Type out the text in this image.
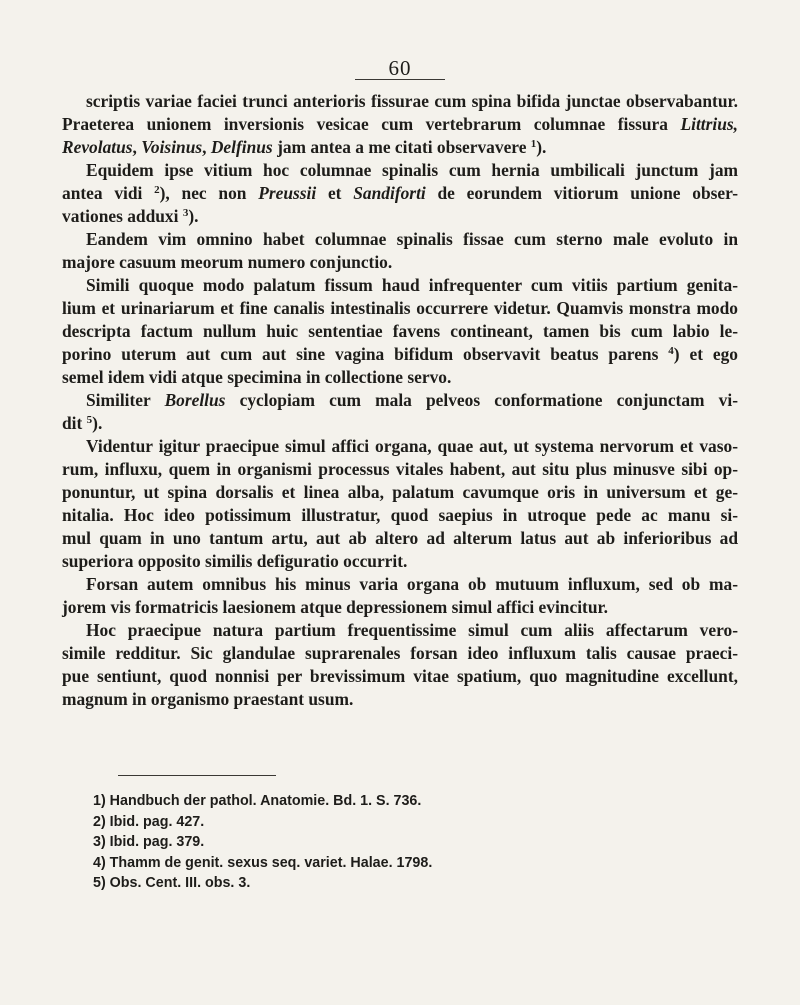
60
scriptis variae faciei trunci anterioris fissurae cum spina bifida junctae observabantur.
Praeterea unionem inversionis vesicae cum vertebrarum columnae fissura Littrius,
Revolatus, Voisinus, Delfinus jam antea a me citati observavere $^1$).
Equidem ipse vitium hoc columnae spinalis cum hernia umbilicali junctum jam
antea vidi $^2$), nec non Preussii et Sandiforti de eorundem vitiorum unione obser-
vationes adduxi $^3$).
Eandem vim omnino habet columnae spinalis fissae cum sterno male evoluto in
majore casuum meorum numero conjunctio.
Simili quoque modo palatum fissum haud infrequenter cum vitiis partium genita-
lium et urinariarum et fine canalis intestinalis occurrere videtur. Quamvis monstra modo
descripta factum nullum huic sententiae favens contineant, tamen bis cum labio le-
porino uterum aut cum aut sine vagina bifidum observavit beatus parens $^4$) et ego
semel idem vidi atque specimina in collectione servo.
Similiter Borellus cyclopiam cum mala pelveos conformatione conjunctam vi-
dit $^5$).
Videntur igitur praecipue simul affici organa, quae aut, ut systema nervorum et vaso-
rum, influxu, quem in organismi processus vitales habent, aut situ plus minusve sibi op-
ponuntur, ut spina dorsalis et linea alba, palatum cavumque oris in universum et ge-
nitalia. Hoc ideo potissimum illustratur, quod saepius in utroque pede ac manu si-
mul quam in uno tantum artu, aut ab altero ad alterum latus aut ab inferioribus ad
superiora opposito similis defiguratio occurrit.
Forsan autem omnibus his minus varia organa ob mutuum influxum, sed ob ma-
jorem vis formatricis laesionem atque depressionem simul affici evincitur.
Hoc praecipue natura partium frequentissime simul cum aliis affectarum vero-
simile redditur. Sic glandulae suprarenales forsan ideo influxum talis causae praeci-
pue sentiunt, quod nonnisi per brevissimum vitae spatium, quo magnitudine excellunt,
magnum in organismo praestant usum.
1) Handbuch der pathol. Anatomie. Bd. 1. S. 736.
2) Ibid. pag. 427.
3) Ibid. pag. 379.
4) Thamm de genit. sexus seq. variet. Halae. 1798.
5) Obs. Cent. III. obs. 3.
